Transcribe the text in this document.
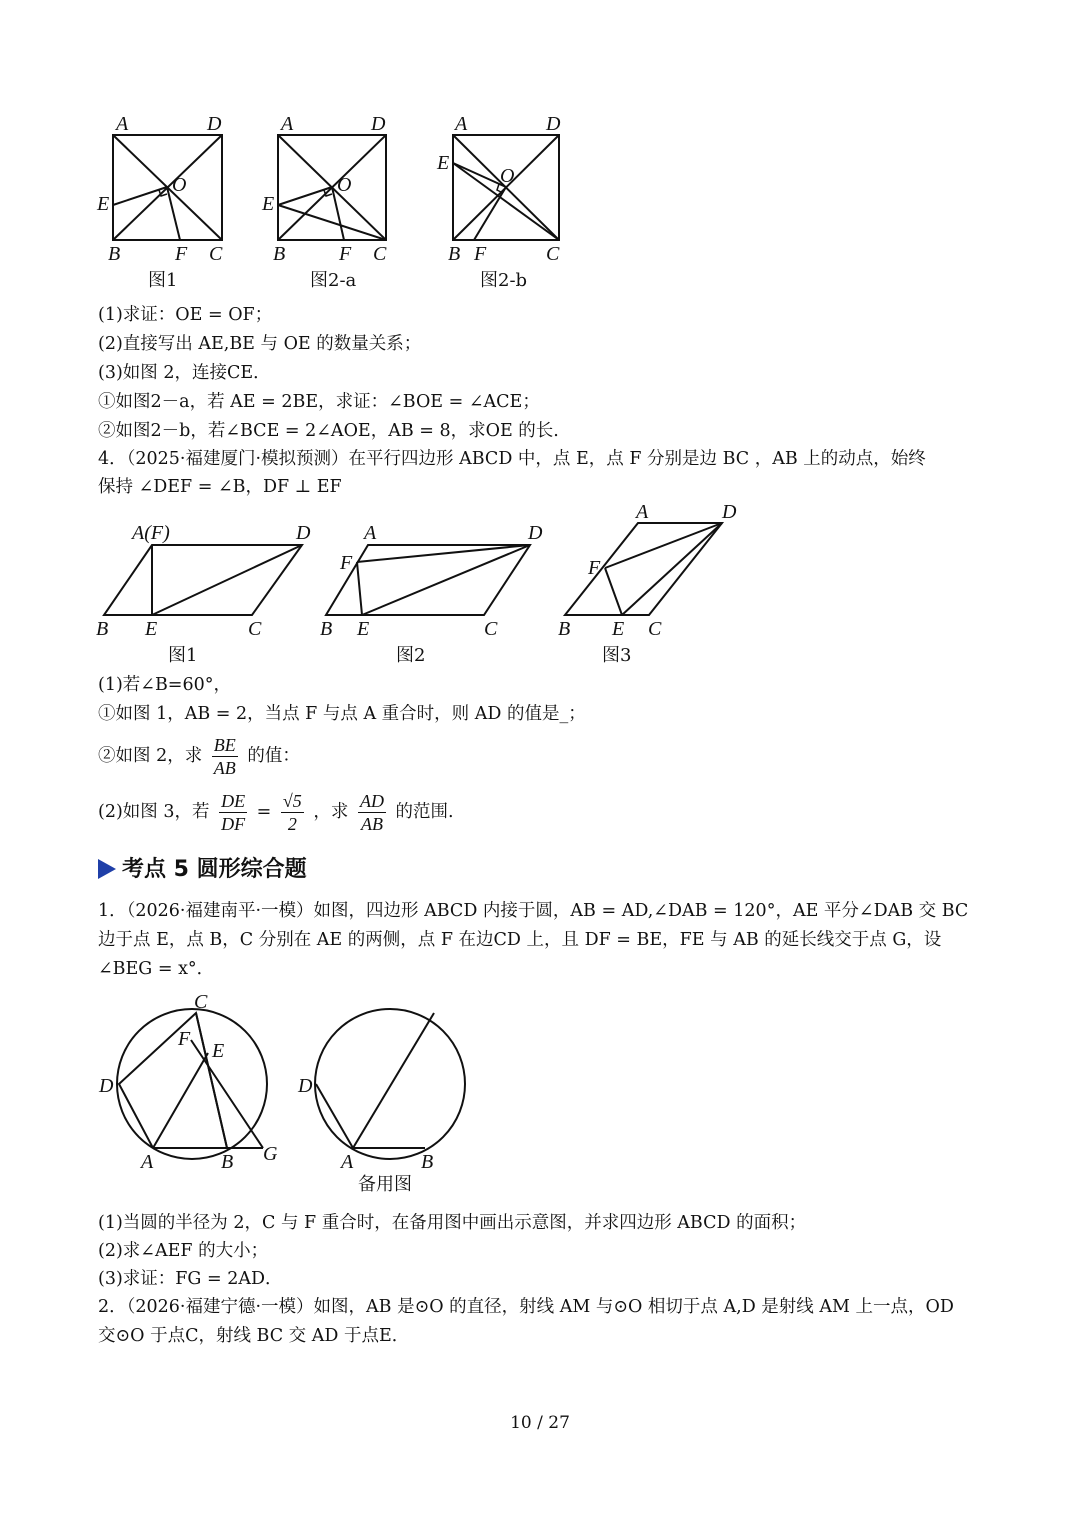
A	D
O
E
B	F C
A	D
O
E
B	F C
A	D
O
E
B F	C
图1	图2-a	图2-b
(1)求证：OE = OF；
(2)直接写出 AE,BE 与 OE 的数量关系；
(3)如图 2，连接CE．
①如图2－a，若 AE = 2BE，求证：∠BOE = ∠ACE；
②如图2－b，若∠BCE = 2∠AOE，AB = 8，求OE 的长.
4．（2025·福建厦门·模拟预测）在平行四边形 ABCD 中，点 E，点 F 分别是边 BC ，AB 上的动点，始终
保持 ∠DEF = ∠B，DF ⊥ EF
A(F)	D
B E	C
A	D
F
B E	C
A	D
F
B E C
图1	图2	图3
(1)若∠B=60°，
①如图 1，AB = 2，当点 F 与点 A 重合时，则 AD 的值是_；
②如图 2，求 $\frac{BE}{AB}$ 的值：
(2)如图 3，若 $\frac{DE}{DF} = \frac{√5}{2}$ ，求 $\frac{AD}{AB}$ 的范围.
考点 5 圆形综合题
1．（2026·福建南平·一模）如图，四边形 ABCD 内接于圆，AB = AD,∠DAB = 120°，AE 平分∠DAB 交 BC
边于点 E，点 B，C 分别在 AE 的两侧，点 F 在边CD 上，且 DF = BE，FE 与 AB 的延长线交于点 G，设
∠BEG = x°．
C
F
E
D
A	B G
D
A	B
备用图
(1)当圆的半径为 2，C 与 F 重合时，在备用图中画出示意图，并求四边形 ABCD 的面积；
(2)求∠AEF 的大小；
(3)求证：FG = 2AD．
2．（2026·福建宁德·一模）如图，AB 是⊙O 的直径，射线 AM 与⊙O 相切于点 A,D 是射线 AM 上一点，OD
交⊙O 于点C，射线 BC 交 AD 于点E．
10 / 27
